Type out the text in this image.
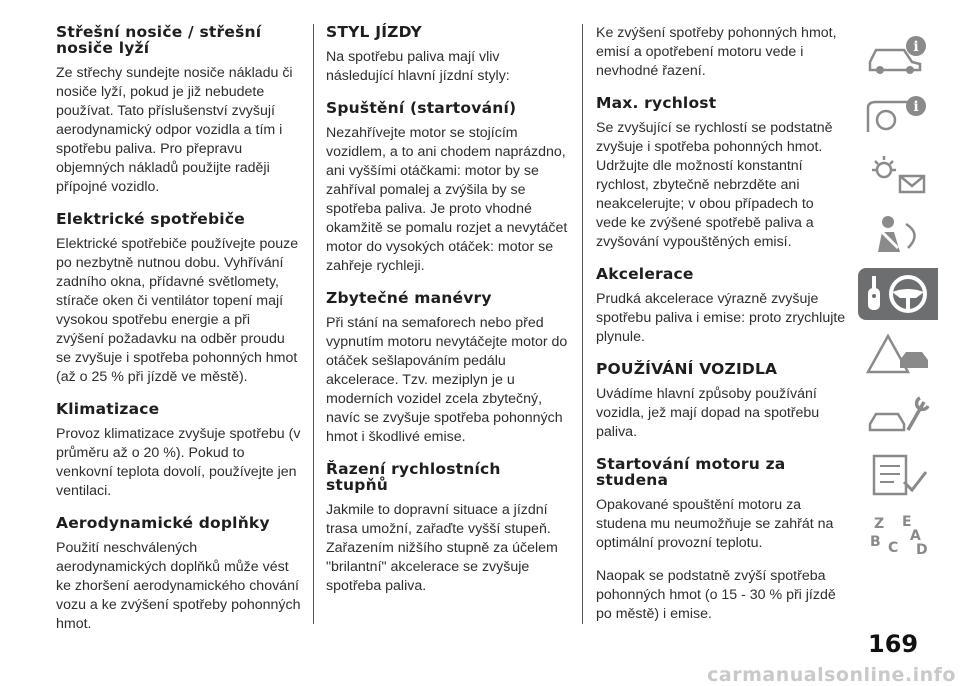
Střešní nosiče / střešní nosiče lyží

Ze střechy sundejte nosiče nákladu či nosiče lyží, pokud je již nebudete používat. Tato příslušenství zvyšují aerodynamický odpor vozidla a tím i spotřebu paliva. Pro přepravu objemných nákladů použijte raději přípojné vozidlo.

Elektrické spotřebiče

Elektrické spotřebiče používejte pouze po nezbytně nutnou dobu. Vyhřívání zadního okna, přídavné světlomety, stírače oken či ventilátor topení mají vysokou spotřebu energie a při zvýšení požadavku na odběr proudu se zvyšuje i spotřeba pohonných hmot (až o 25 % při jízdě ve městě).

Klimatizace

Provoz klimatizace zvyšuje spotřebu (v průměru až o 20 %). Pokud to venkovní teplota dovolí, používejte jen ventilaci.

Aerodynamické doplňky

Použití neschválených aerodynamických doplňků může vést ke zhoršení aerodynamického chování vozu a ke zvýšení spotřeby pohonných hmot.

STYL JÍZDY

Na spotřebu paliva mají vliv následující hlavní jízdní styly:

Spuštění (startování)

Nezahřívejte motor se stojícím vozidlem, a to ani chodem naprázdno, ani vyššími otáčkami: motor by se zahříval pomalej a zvýšila by se spotřeba paliva. Je proto vhodné okamžitě se pomalu rozjet a nevytáčet motor do vysokých otáček: motor se zahřeje rychleji.

Zbytečné manévry

Při stání na semaforech nebo před vypnutím motoru nevytáčejte motor do otáček sešlapováním pedálu akcelerace. Tzv. meziplyn je u moderních vozidel zcela zbytečný, navíc se zvyšuje spotřeba pohonných hmot i škodlivé emise.

Řazení rychlostních stupňů

Jakmile to dopravní situace a jízdní trasa umožní, zařaďte vyšší stupeň. Zařazením nižšího stupně za účelem "brilantní" akcelerace se zvyšuje spotřeba paliva.

Ke zvýšení spotřeby pohonných hmot, emisí a opotřebení motoru vede i nevhodné řazení.

Max. rychlost

Se zvyšující se rychlostí se podstatně zvyšuje i spotřeba pohonných hmot. Udržujte dle možností konstantní rychlost, zbytečně nebrzděte ani neakcelerujte; v obou případech to vede ke zvýšené spotřebě paliva a zvyšování vypouštěných emisí.

Akcelerace

Prudká akcelerace výrazně zvyšuje spotřebu paliva i emise: proto zrychlujte plynule.

POUŽÍVÁNÍ VOZIDLA

Uvádíme hlavní způsoby používání vozidla, jež mají dopad na spotřebu paliva.

Startování motoru za studena

Opakované spouštění motoru za studena mu neumožňuje se zahřát na optimální provozní teplotu.

Naopak se podstatně zvýší spotřeba pohonných hmot (o 15 - 30 % při jízdě po městě) i emise.

i
i
Z E
A
B C D
169
carmanualsonline.info
